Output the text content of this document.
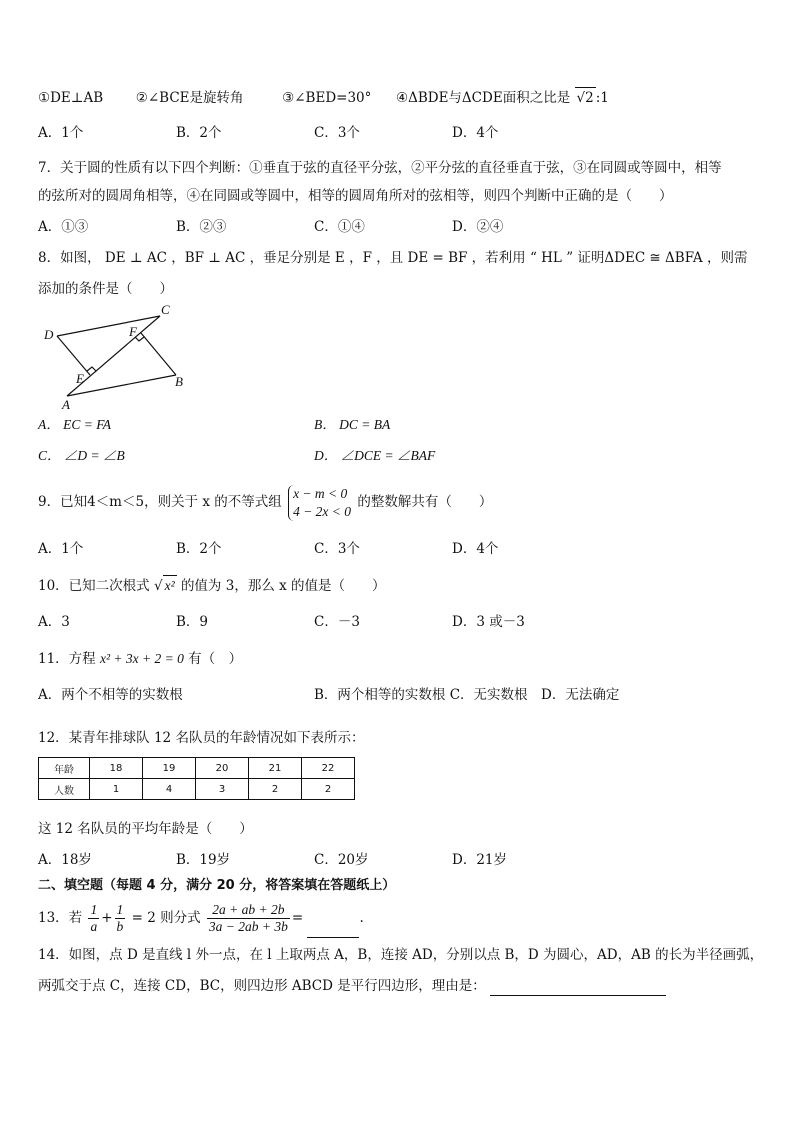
①DE⊥AB ②∠BCE是旋转角	③∠BED=30° ④ΔBDE与ΔCDE面积之比是 √2 :1
A．1个	B．2个	C．3个	D．4个
7．关于圆的性质有以下四个判断：①垂直于弦的直径平分弦，②平分弦的直径垂直于弦，③在同圆或等圆中，相等
的弦所对的圆周角相等，④在同圆或等圆中，相等的圆周角所对的弦相等，则四个判断中正确的是（　　）
A．①③	B．②③	C．①④	D．②④
8．如图， DE ⊥ AC ，BF ⊥ AC ，垂足分别是 E ，F ，且 DE = BF ，若利用 “ HL ” 证明ΔDEC ≅ ΔBFA ，则需
添加的条件是（　　）
D
C
F
E
A
B
A． EC = FA	B． DC = BA
C． ∠D = ∠B	D． ∠DCE = ∠BAF
9．已知4＜m＜5，则关于 x 的不等式组
x − m < 0
4 − 2x < 0
的整数解共有（　　）
A．1个	B．2个	C．3个	D．4个
10．已知二次根式 √ x² 的值为 3，那么 x 的值是（　　）
A．3	B．9	C．－3	D．3 或－3
11．方程 x² + 3x + 2 = 0 有（　）
A．两个不相等的实数根	B．两个相等的实数根 C．无实数根　D．无法确定
12．某青年排球队 12 名队员的年龄情况如下表所示：
年龄	18	19	20	21	22
人数	1	4	3	2	2
这 12 名队员的平均年龄是（　　）
A．18岁	B．19岁	C．20岁	D．21岁
二、填空题（每题 4 分，满分 20 分，将答案填在答题纸上）
13．若 $\frac{1}{a} + \frac{1}{b} = 2$ 则分式 $\frac{2a + ab + 2b}{3a - 2ab + 3b}$ =	.
14．如图，点 D 是直线 l 外一点，在 l 上取两点 A，B，连接 AD，分别以点 B，D 为圆心，AD，AB 的长为半径画弧，
两弧交于点 C，连接 CD，BC，则四边形 ABCD 是平行四边形，理由是：
